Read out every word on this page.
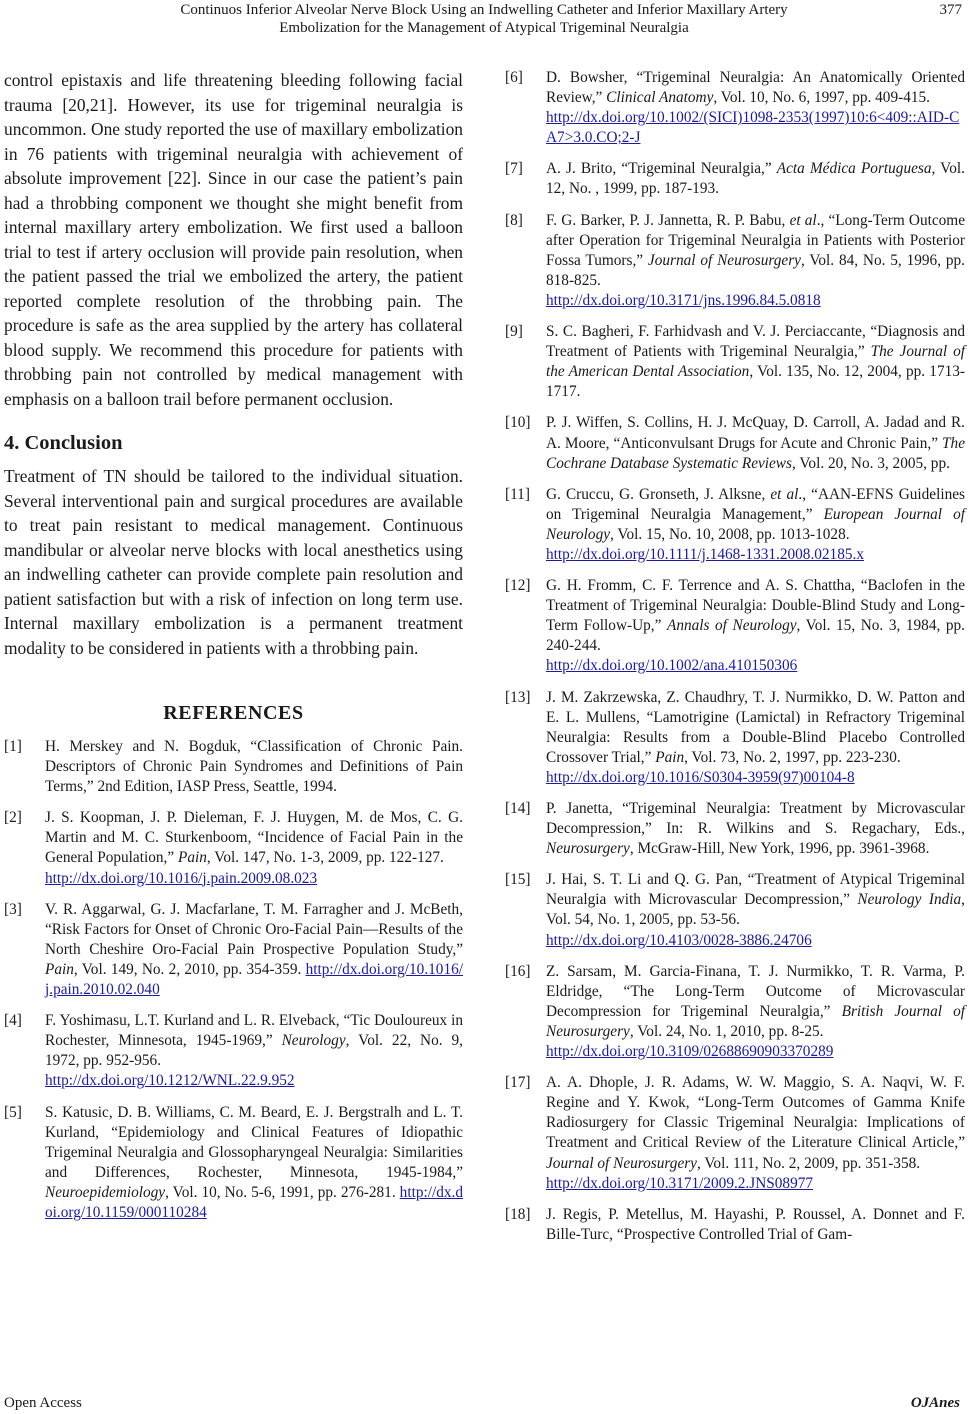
Continuos Inferior Alveolar Nerve Block Using an Indwelling Catheter and Inferior Maxillary Artery
Embolization for the Management of Atypical Trigeminal Neuralgia
377

control epistaxis and life threatening bleeding following facial trauma [20,21]. However, its use for trigeminal neuralgia is uncommon. One study reported the use of maxillary embolization in 76 patients with trigeminal neuralgia with achievement of absolute improvement [22]. Since in our case the patient’s pain had a throbbing component we thought she might benefit from internal maxillary artery embolization. We first used a balloon trial to test if artery occlusion will provide pain resolution, when the patient passed the trial we embolized the artery, the patient reported complete resolution of the throbbing pain. The procedure is safe as the area supplied by the artery has collateral blood supply. We recommend this procedure for patients with throbbing pain not controlled by medical management with emphasis on a balloon trail before permanent occlusion.

4. Conclusion

Treatment of TN should be tailored to the individual situation. Several interventional pain and surgical procedures are available to treat pain resistant to medical management. Continuous mandibular or alveolar nerve blocks with local anesthetics using an indwelling catheter can provide complete pain resolution and patient satisfaction but with a risk of infection on long term use. Internal maxillary embolization is a permanent treatment modality to be considered in patients with a throbbing pain.

REFERENCES
[1] H. Merskey and N. Bogduk, “Classification of Chronic Pain. Descriptors of Chronic Pain Syndromes and Definitions of Pain Terms,” 2nd Edition, IASP Press, Seattle, 1994.
[2] J. S. Koopman, J. P. Dieleman, F. J. Huygen, M. de Mos, C. G. Martin and M. C. Sturkenboom, “Incidence of Facial Pain in the General Population,” Pain, Vol. 147, No. 1-3, 2009, pp. 122-127.
http://dx.doi.org/10.1016/j.pain.2009.08.023
[3] V. R. Aggarwal, G. J. Macfarlane, T. M. Farragher and J. McBeth, “Risk Factors for Onset of Chronic Oro-Facial Pain—Results of the North Cheshire Oro-Facial Pain Prospective Population Study,” Pain, Vol. 149, No. 2, 2010, pp. 354-359. http://dx.doi.org/10.1016/j.pain.2010.02.040
[4] F. Yoshimasu, L.T. Kurland and L. R. Elveback, “Tic Douloureux in Rochester, Minnesota, 1945-1969,” Neurology, Vol. 22, No. 9, 1972, pp. 952-956.
http://dx.doi.org/10.1212/WNL.22.9.952
[5] S. Katusic, D. B. Williams, C. M. Beard, E. J. Bergstralh and L. T. Kurland, “Epidemiology and Clinical Features of Idiopathic Trigeminal Neuralgia and Glossopharyngeal Neuralgia: Similarities and Differences, Rochester, Minnesota, 1945-1984,” Neuroepidemiology, Vol. 10, No. 5-6, 1991, pp. 276-281. http://dx.doi.org/10.1159/000110284
[6] D. Bowsher, “Trigeminal Neuralgia: An Anatomically Oriented Review,” Clinical Anatomy, Vol. 10, No. 6, 1997, pp. 409-415.
http://dx.doi.org/10.1002/(SICI)1098-2353(1997)10:6<409::AID-CA7>3.0.CO;2-J
[7] A. J. Brito, “Trigeminal Neuralgia,” Acta Médica Portuguesa, Vol. 12, No. , 1999, pp. 187-193.
[8] F. G. Barker, P. J. Jannetta, R. P. Babu, et al., “Long-Term Outcome after Operation for Trigeminal Neuralgia in Patients with Posterior Fossa Tumors,” Journal of Neurosurgery, Vol. 84, No. 5, 1996, pp. 818-825.
http://dx.doi.org/10.3171/jns.1996.84.5.0818
[9] S. C. Bagheri, F. Farhidvash and V. J. Perciaccante, “Diagnosis and Treatment of Patients with Trigeminal Neuralgia,” The Journal of the American Dental Association, Vol. 135, No. 12, 2004, pp. 1713-1717.
[10] P. J. Wiffen, S. Collins, H. J. McQuay, D. Carroll, A. Jadad and R. A. Moore, “Anticonvulsant Drugs for Acute and Chronic Pain,” The Cochrane Database Systematic Reviews, Vol. 20, No. 3, 2005, pp.
[11] G. Cruccu, G. Gronseth, J. Alksne, et al., “AAN-EFNS Guidelines on Trigeminal Neuralgia Management,” European Journal of Neurology, Vol. 15, No. 10, 2008, pp. 1013-1028.
http://dx.doi.org/10.1111/j.1468-1331.2008.02185.x
[12] G. H. Fromm, C. F. Terrence and A. S. Chattha, “Baclofen in the Treatment of Trigeminal Neuralgia: Double-Blind Study and Long-Term Follow-Up,” Annals of Neurology, Vol. 15, No. 3, 1984, pp. 240-244.
http://dx.doi.org/10.1002/ana.410150306
[13] J. M. Zakrzewska, Z. Chaudhry, T. J. Nurmikko, D. W. Patton and E. L. Mullens, “Lamotrigine (Lamictal) in Refractory Trigeminal Neuralgia: Results from a Double-Blind Placebo Controlled Crossover Trial,” Pain, Vol. 73, No. 2, 1997, pp. 223-230.
http://dx.doi.org/10.1016/S0304-3959(97)00104-8
[14] P. Janetta, “Trigeminal Neuralgia: Treatment by Microvascular Decompression,” In: R. Wilkins and S. Regachary, Eds., Neurosurgery, McGraw-Hill, New York, 1996, pp. 3961-3968.
[15] J. Hai, S. T. Li and Q. G. Pan, “Treatment of Atypical Trigeminal Neuralgia with Microvascular Decompression,” Neurology India, Vol. 54, No. 1, 2005, pp. 53-56.
http://dx.doi.org/10.4103/0028-3886.24706
[16] Z. Sarsam, M. Garcia-Finana, T. J. Nurmikko, T. R. Varma, P. Eldridge, “The Long-Term Outcome of Microvascular Decompression for Trigeminal Neuralgia,” British Journal of Neurosurgery, Vol. 24, No. 1, 2010, pp. 8-25.
http://dx.doi.org/10.3109/02688690903370289
[17] A. A. Dhople, J. R. Adams, W. W. Maggio, S. A. Naqvi, W. F. Regine and Y. Kwok, “Long-Term Outcomes of Gamma Knife Radiosurgery for Classic Trigeminal Neuralgia: Implications of Treatment and Critical Review of the Literature Clinical Article,” Journal of Neurosurgery, Vol. 111, No. 2, 2009, pp. 351-358.
http://dx.doi.org/10.3171/2009.2.JNS08977
[18] J. Regis, P. Metellus, M. Hayashi, P. Roussel, A. Donnet and F. Bille-Turc, “Prospective Controlled Trial of Gam-
Open Access	OJAnes
